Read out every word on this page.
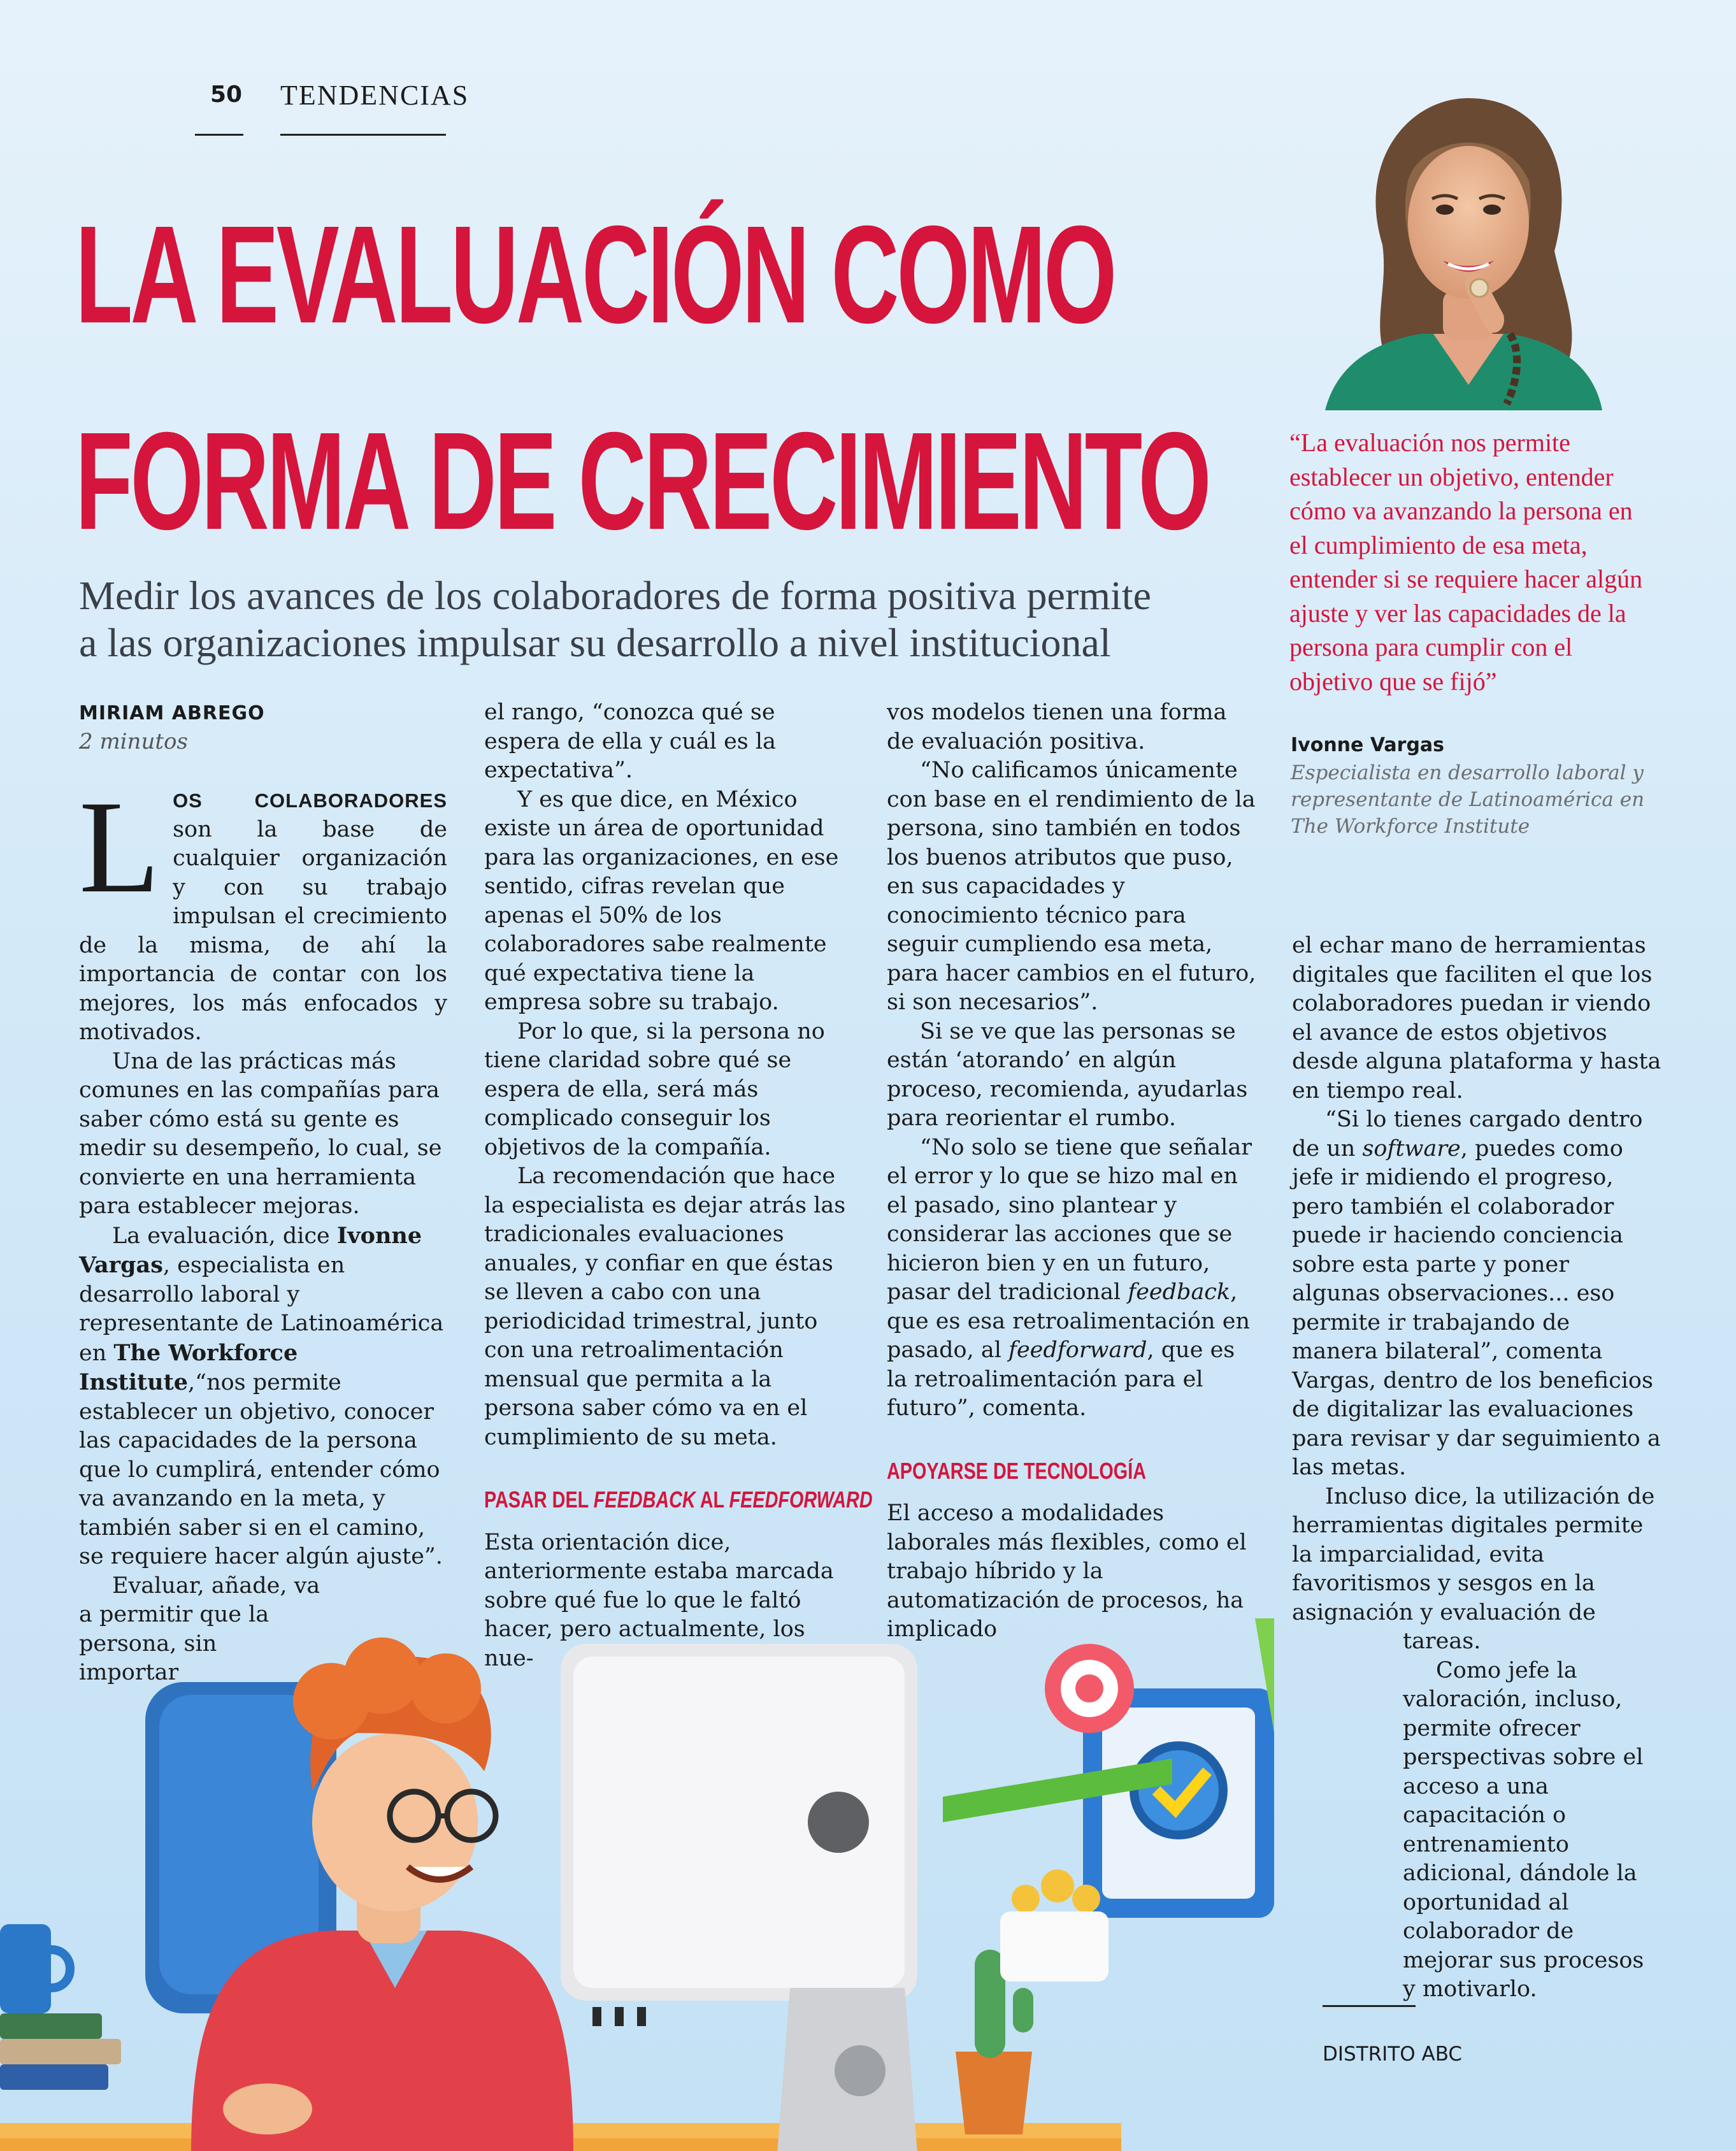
50 TENDENCIAS
LA EVALUACIÓN COMO
FORMA DE CRECIMIENTO
Medir los avances de los colaboradores de forma positiva permite
a las organizaciones impulsar su desarrollo a nivel institucional
MIRIAM ABREGO
2 minutos
“La evaluación nos permite establecer un objetivo, entender cómo va avanzando la persona en el cumplimiento de esa meta, entender si se requiere hacer algún ajuste y ver las capacidades de la persona para cumplir con el objetivo que se fijó”
Ivonne Vargas
Especialista en desarrollo laboral y representante de Latinoamérica en The Workforce Institute

LOS COLABORADORES son la base de cualquier organización y con su trabajo impulsan el crecimiento de la misma, de ahí la importancia de contar con los mejores, los más enfocados y motivados.

Una de las prácticas más comunes en las compañías para saber cómo está su gente es medir su desempeño, lo cual, se convierte en una herramienta para establecer mejoras.

La evaluación, dice Ivonne Vargas, especialista en desarrollo laboral y representante de Latinoamérica en The Workforce Institute,“nos permite establecer un objetivo, conocer las capacidades de la persona que lo cumplirá, entender cómo va avanzando en la meta, y también saber si en el camino, se requiere hacer algún ajuste”.

Evaluar, añade, va a permitir que la persona, sin importar

el rango, “conozca qué se espera de ella y cuál es la expectativa”.

Y es que dice, en México existe un área de oportunidad para las organizaciones, en ese sentido, cifras revelan que apenas el 50% de los colaboradores sabe realmente qué expectativa tiene la empresa sobre su trabajo.

Por lo que, si la persona no tiene claridad sobre qué se espera de ella, será más complicado conseguir los objetivos de la compañía.

La recomendación que hace la especialista es dejar atrás las tradicionales evaluaciones anuales, y confiar en que éstas se lleven a cabo con una periodicidad trimestral, junto con una retroalimentación mensual que permita a la persona saber cómo va en el cumplimiento de su meta.

PASAR DEL FEEDBACK AL FEEDFORWARD

Esta orientación dice, anteriormente estaba marcada sobre qué fue lo que le faltó hacer, pero actualmente, los nue-

vos modelos tienen una forma de evaluación positiva.

“No calificamos únicamente con base en el rendimiento de la persona, sino también en todos los buenos atributos que puso, en sus capacidades y conocimiento técnico para seguir cumpliendo esa meta, para hacer cambios en el futuro, si son necesarios”.

Si se ve que las personas se están ‘atorando’ en algún proceso, recomienda, ayudarlas para reorientar el rumbo.

“No solo se tiene que señalar el error y lo que se hizo mal en el pasado, sino plantear y considerar las acciones que se hicieron bien y en un futuro, pasar del tradicional feedback, que es esa retroalimentación en pasado, al feedforward, que es la retroalimentación para el futuro”, comenta.

APOYARSE DE TECNOLOGÍA

El acceso a modalidades laborales más flexibles, como el trabajo híbrido y la automatización de procesos, ha implicado

el echar mano de herramientas digitales que faciliten el que los colaboradores puedan ir viendo el avance de estos objetivos desde alguna plataforma y hasta en tiempo real.

“Si lo tienes cargado dentro de un software, puedes como jefe ir midiendo el progreso, pero también el colaborador puede ir haciendo conciencia sobre esta parte y poner algunas observaciones... eso permite ir trabajando de manera bilateral”, comenta Vargas, dentro de los beneficios de digitalizar las evaluaciones para revisar y dar seguimiento a las metas.

Incluso dice, la utilización de herramientas digitales permite la imparcialidad, evita favoritismos y sesgos en la asignación y evaluación de

tareas.

Como jefe la valoración, incluso, permite ofrecer perspectivas sobre el acceso a una capacitación o entrenamiento adicional, dándole la oportunidad al colaborador de mejorar sus procesos y motivarlo.

DISTRITO ABC
